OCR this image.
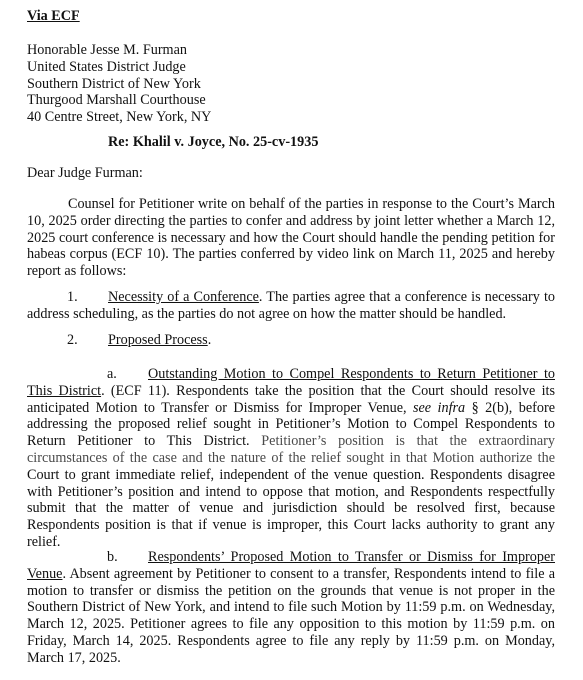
Via ECF
Honorable Jesse M. Furman
United States District Judge
Southern District of New York
Thurgood Marshall Courthouse
40 Centre Street, New York, NY
Re: Khalil v. Joyce, No. 25-cv-1935
Dear Judge Furman:
Counsel for Petitioner write on behalf of the parties in response to the Court’s March 10, 2025 order directing the parties to confer and address by joint letter whether a March 12, 2025 court conference is necessary and how the Court should handle the pending petition for habeas corpus (ECF 10). The parties conferred by video link on March 11, 2025 and hereby report as follows:
1. Necessity of a Conference. The parties agree that a conference is necessary to address scheduling, as the parties do not agree on how the matter should be handled.
2. Proposed Process.
a. Outstanding Motion to Compel Respondents to Return Petitioner to This District. (ECF 11). Respondents take the position that the Court should resolve its anticipated Motion to Transfer or Dismiss for Improper Venue, see infra § 2(b), before addressing the proposed relief sought in Petitioner’s Motion to Compel Respondents to Return Petitioner to This District. Petitioner’s position is that the extraordinary circumstances of the case and the nature of the relief sought in that Motion authorize the Court to grant immediate relief, independent of the venue question. Respondents disagree with Petitioner’s position and intend to oppose that motion, and Respondents respectfully submit that the matter of venue and jurisdiction should be resolved first, because Respondents position is that if venue is improper, this Court lacks authority to grant any relief.
b. Respondents’ Proposed Motion to Transfer or Dismiss for Improper Venue. Absent agreement by Petitioner to consent to a transfer, Respondents intend to file a motion to transfer or dismiss the petition on the grounds that venue is not proper in the Southern District of New York, and intend to file such Motion by 11:59 p.m. on Wednesday, March 12, 2025. Petitioner agrees to file any opposition to this motion by 11:59 p.m. on Friday, March 14, 2025. Respondents agree to file any reply by 11:59 p.m. on Monday, March 17, 2025.
